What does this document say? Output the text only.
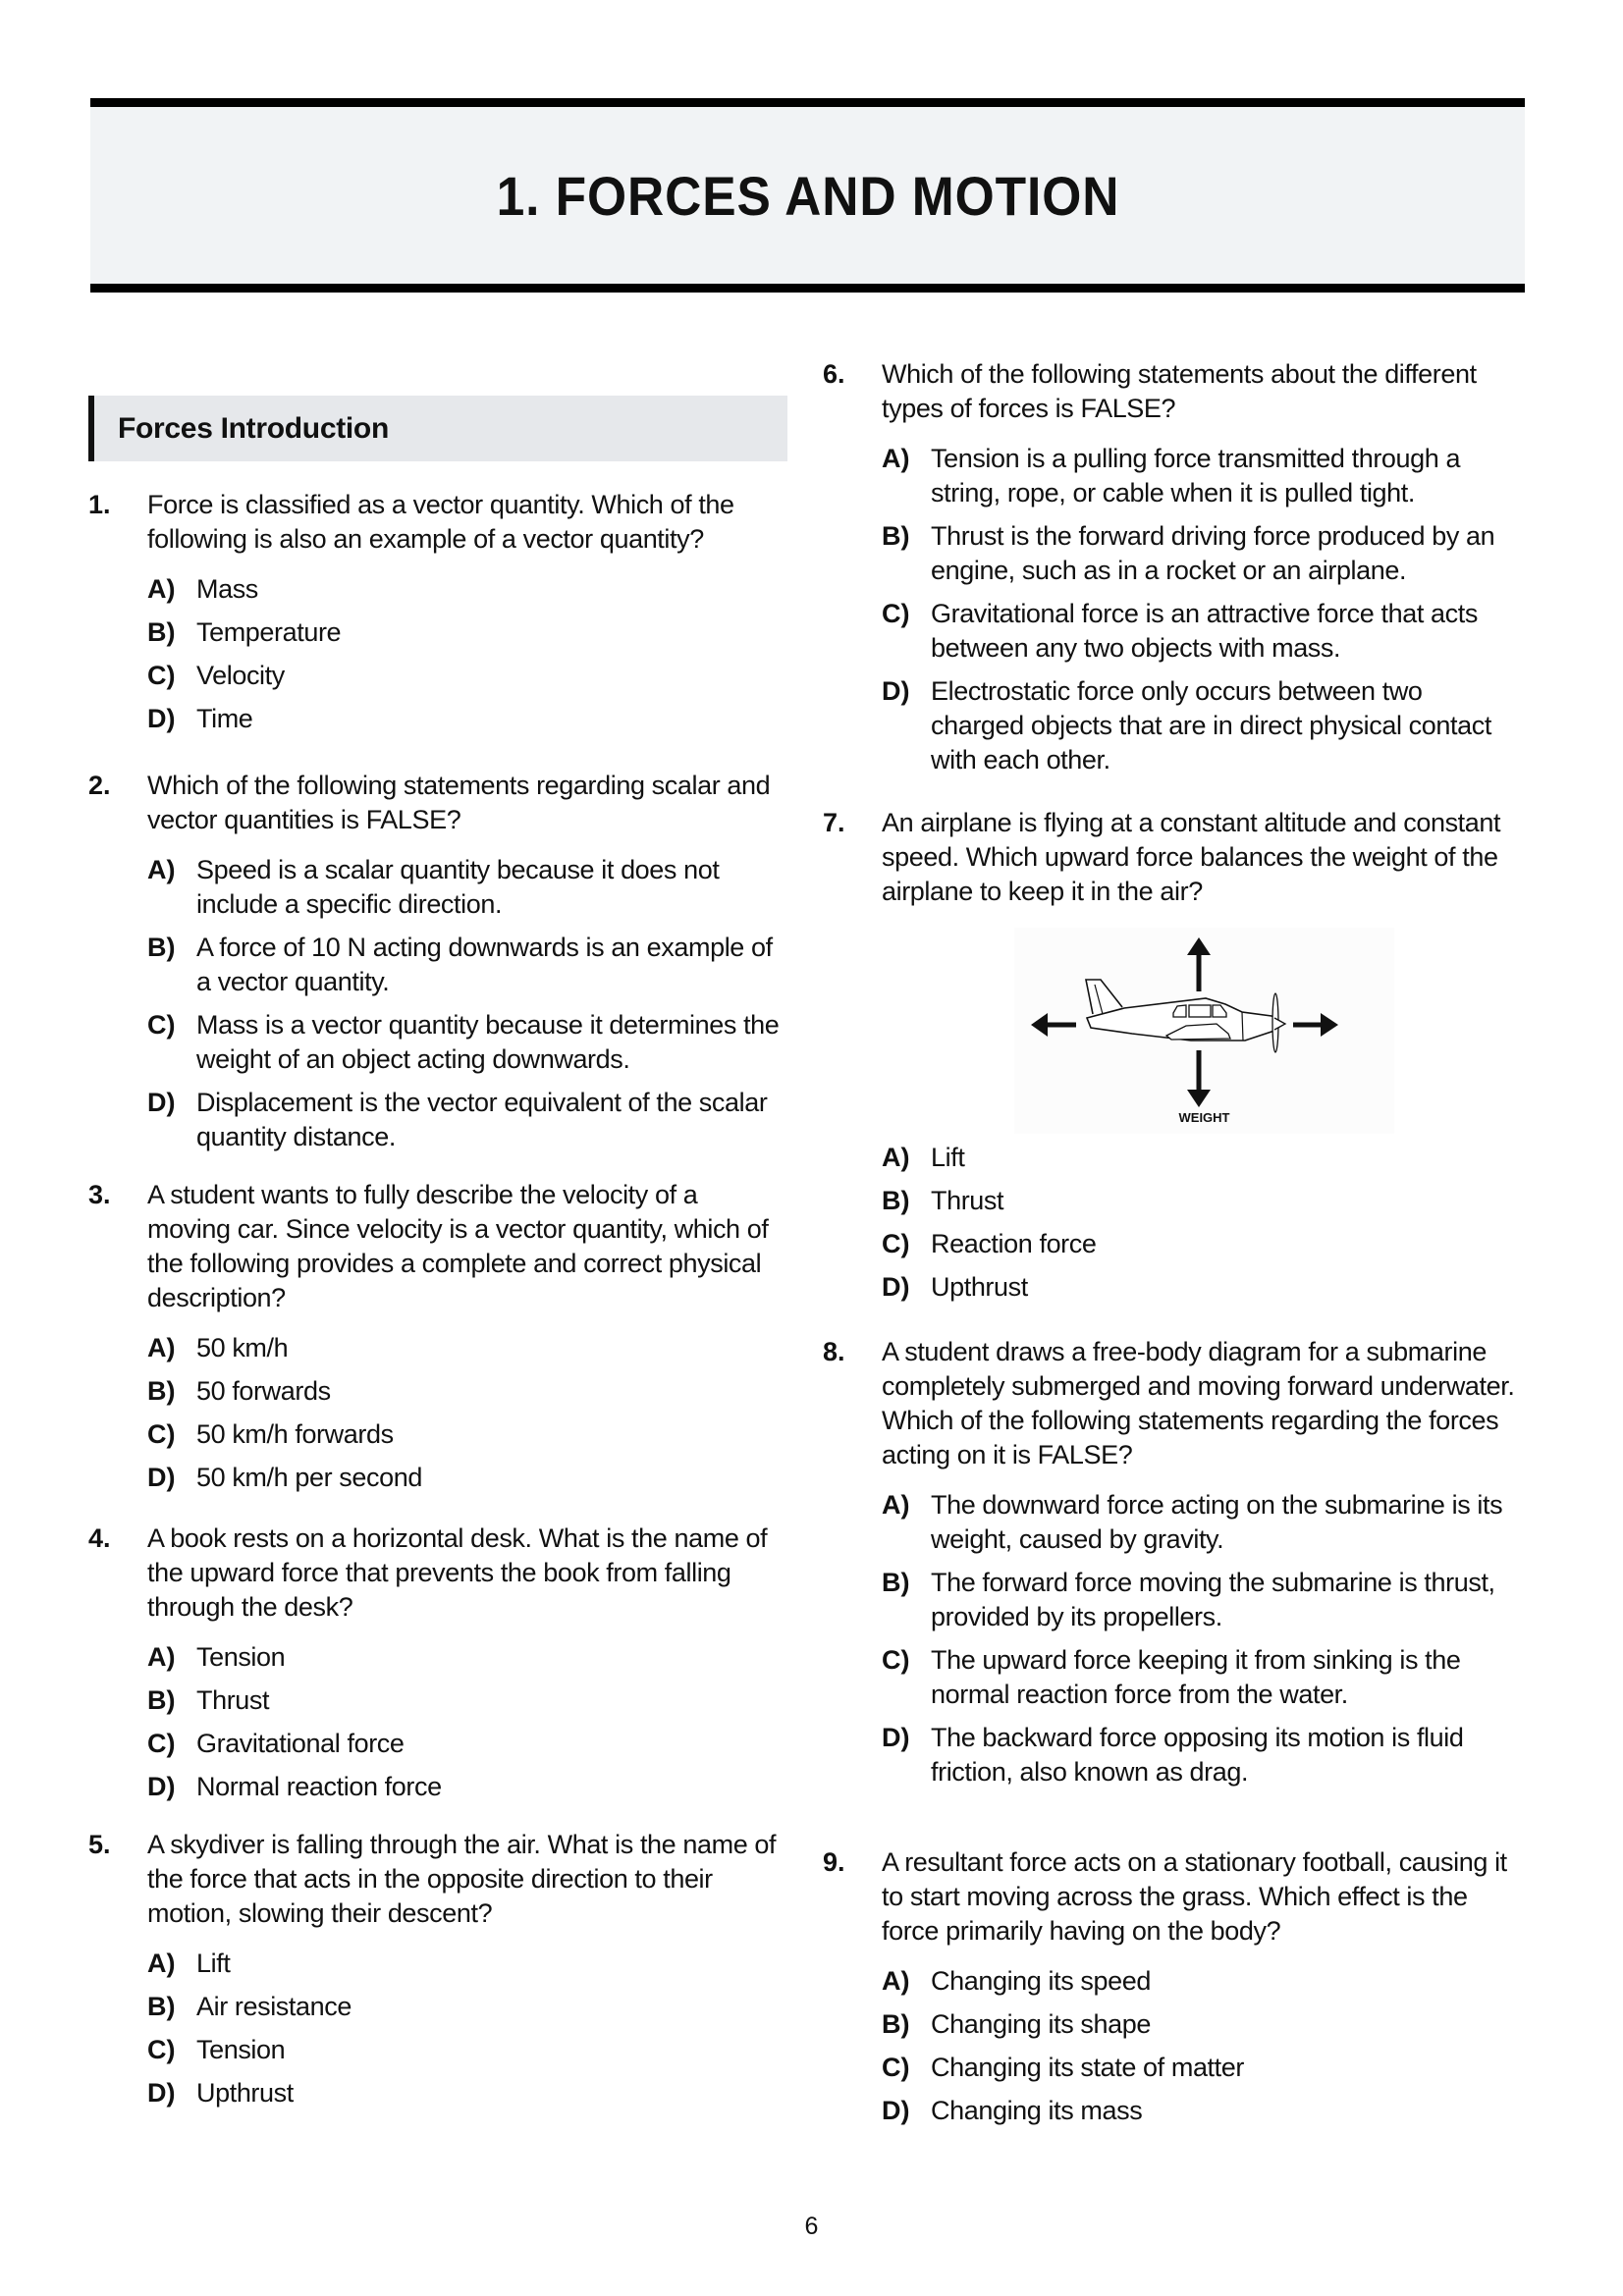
1. FORCES AND MOTION
Forces Introduction
1.	Force is classified as a vector quantity. Which of the following is also an example of a vector quantity?
A) Mass
B) Temperature
C) Velocity
D) Time
2.	Which of the following statements regarding scalar and vector quantities is FALSE?
A) Speed is a scalar quantity because it does not include a specific direction.
B) A force of 10 N acting downwards is an example of a vector quantity.
C) Mass is a vector quantity because it determines the weight of an object acting downwards.
D) Displacement is the vector equivalent of the scalar quantity distance.
3.	A student wants to fully describe the velocity of a moving car. Since velocity is a vector quantity, which of the following provides a complete and correct physical description?
A) 50 km/h
B) 50 forwards
C) 50 km/h forwards
D) 50 km/h per second
4.	A book rests on a horizontal desk. What is the name of the upward force that prevents the book from falling through the desk?
A) Tension
B) Thrust
C) Gravitational force
D) Normal reaction force
5.	A skydiver is falling through the air. What is the name of the force that acts in the opposite direction to their motion, slowing their descent?
A) Lift
B) Air resistance
C) Tension
D) Upthrust
6.	Which of the following statements about the different types of forces is FALSE?
A) Tension is a pulling force transmitted through a string, rope, or cable when it is pulled tight.
B) Thrust is the forward driving force produced by an engine, such as in a rocket or an airplane.
C) Gravitational force is an attractive force that acts between any two objects with mass.
D) Electrostatic force only occurs between two charged objects that are in direct physical contact with each other.
7.	An airplane is flying at a constant altitude and constant speed. Which upward force balances the weight of the airplane to keep it in the air?
A) Lift
B) Thrust
C) Reaction force
D) Upthrust
WEIGHT
8.	A student draws a free-body diagram for a submarine completely submerged and moving forward underwater. Which of the following statements regarding the forces acting on it is FALSE?
A) The downward force acting on the submarine is its weight, caused by gravity.
B) The forward force moving the submarine is thrust, provided by its propellers.
C) The upward force keeping it from sinking is the normal reaction force from the water.
D) The backward force opposing its motion is fluid friction, also known as drag.
9.	A resultant force acts on a stationary football, causing it to start moving across the grass. Which effect is the force primarily having on the body?
A) Changing its speed
B) Changing its shape
C) Changing its state of matter
D) Changing its mass
6
